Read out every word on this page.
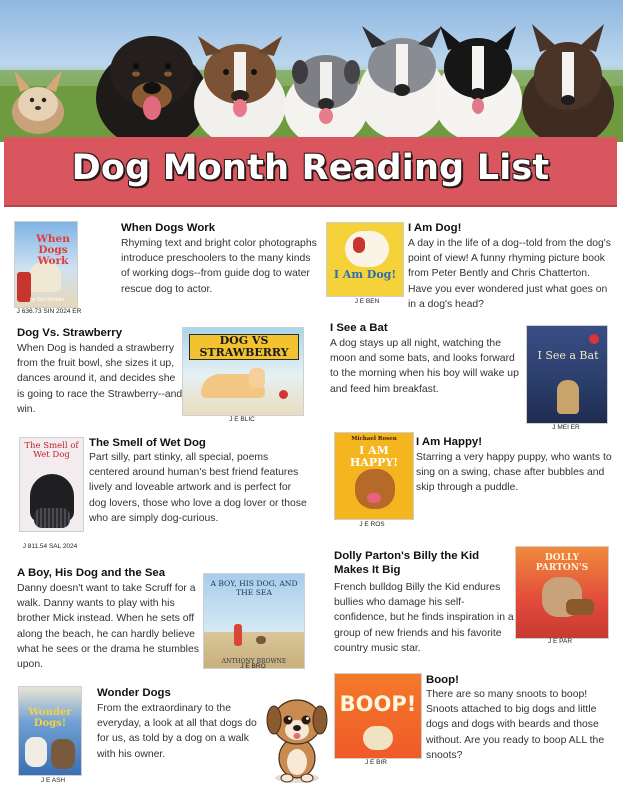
Dog Month Reading List
When Dogs Work
by Dori Simhen
J 636.73 SIN 2024 ER
When Dogs Work
Rhyming text and bright color photographs introduce preschoolers to the many kinds of working dogs--from guide dog to water rescue dog to actor.
Dog Vs. Strawberry
When Dog is handed a strawberry from the fruit bowl, she sizes it up, dances around it, and decides she is going to race the Strawberry--and win.
DOG VS STRAWBERRY
J E BLIC
The Smell of Wet Dog
J 811.54 SAL 2024
The Smell of Wet Dog
Part silly, part stinky, all special, poems centered around human's best friend features lively and loveable artwork and is perfect for dog lovers, those who love a dog lover or those who are simply dog-curious.
A Boy, His Dog and the Sea
Danny doesn't want to take Scruff for a walk. Danny wants to play with his brother Mick instead. When he sets off along the beach, he can hardly believe what he sees or the drama he stumbles upon.
A BOY, HIS DOG, AND THE SEA
ANTHONY BROWNE
J E BRO
Wonder Dogs!
J E ASH
Wonder Dogs
From the extraordinary to the everyday, a look at all that dogs do for us, as told by a dog on a walk with his owner.
I Am Dog!
J E BEN
I Am Dog!
A day in the life of a dog--told from the dog's point of view! A funny rhyming picture book from Peter Bently and Chris Chatterton. Have you ever wondered just what goes on in a dog's head?
I See a Bat
A dog stays up all night, watching the moon and some bats, and looks forward to the morning when his boy will wake up and feed him breakfast.
I See a Bat
J MEI ER
Michael Rosen
I AM HAPPY!
J E ROS
I Am Happy!
Starring a very happy puppy, who wants to sing on a swing, chase after bubbles and skip through a puddle.
Dolly Parton's Billy the Kid Makes It Big
French bulldog Billy the Kid endures bullies who damage his self-confidence, but he finds inspiration in a group of new friends and his favorite country music star.
DOLLY PARTON'S
J E PAR
BOOP!
J E BIR
Boop!
There are so many snoots to boop! Snoots attached to big dogs and little dogs and dogs with beards and those without. Are you ready to boop ALL the snoots?
